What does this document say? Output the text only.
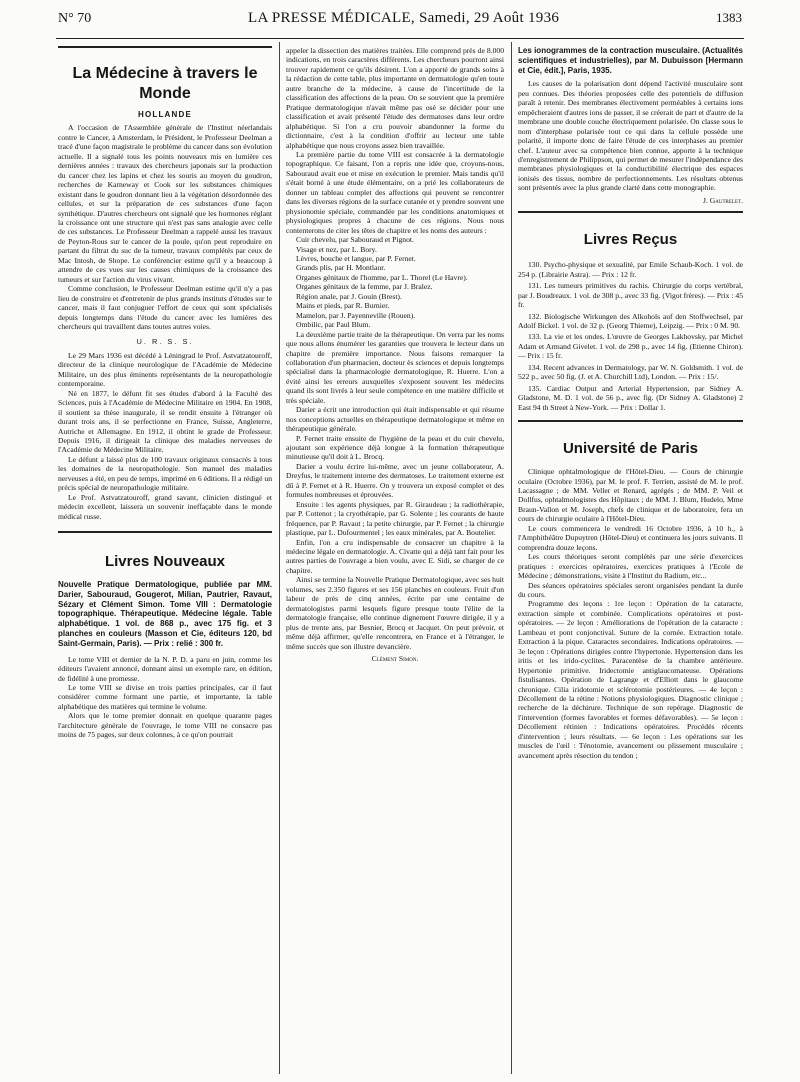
N° 70	LA PRESSE MÉDICALE, Samedi, 29 Août 1936	1383
La Médecine à travers le Monde
HOLLANDE

A l'occasion de l'Assemblée générale de l'Institut néerlandais contre le Cancer, à Amsterdam, le Président, le Professeur Deelman a tracé d'une façon magistrale le problème du cancer dans son évolution actuelle. Il a signalé tous les points nouveaux mis en lumière ces dernières années : travaux des chercheurs japonais sur la production du cancer chez les lapins et chez les souris au moyen du goudron, recherches de Karneway et Cook sur les substances chimiques existant dans le goudron donnant lieu à la végétation désordonnée des cellules, et sur la préparation de ces substances d'une façon synthétique. D'autres chercheurs ont signalé que les hormones réglant la croissance ont une structure qui n'est pas sans analogie avec celle de ces substances. Le Professeur Deelman a rappelé aussi les travaux de Peyton-Rous sur le cancer de la poule, qu'on peut reproduire en partant du filtrat du suc de la tumeur, travaux complétés par ceux de Mac Intosh, de Shope. Le conférencier estime qu'il y a beaucoup à attendre de ces vues sur les causes chimiques de la croissance des tumeurs et sur l'action du virus vivant.

Comme conclusion, le Professeur Deelman estime qu'il n'y a pas lieu de construire et d'entretenir de plus grands instituts d'études sur le cancer, mais il faut conjuguer l'effort de ceux qui sont spécialisés depuis longtemps dans l'étude du cancer avec les lumières des chercheurs qui travaillent dans toutes autres voies.

U. R. S. S.

Le 29 Mars 1936 est décédé à Léningrad le Prof. Astvatzatouroff, directeur de la clinique neurologique de l'Académie de Médecine Militaire, un des plus éminents représentants de la neuropathologie contemporaine.

Né en 1877, le défunt fit ses études d'abord à la Faculté des Sciences, puis à l'Académie de Médecine Militaire en 1904. En 1908, il soutient sa thèse inaugurale, il se rendit ensuite à l'étranger où durant trois ans, il se perfectionne en France, Suisse, Angleterre, Autriche et Allemagne. En 1912, il obtint le grade de Professeur. Depuis 1916, il dirigeait la clinique des maladies nerveuses de l'Académie de Médecine Militaire.

Le défunt a laissé plus de 100 travaux originaux consacrés à tous les domaines de la neuropathologie. Son manuel des maladies nerveuses a été, en peu de temps, imprimé en 6 éditions. Il a rédigé un précis spécial de neuropathologie militaire.

Le Prof. Astvatzatouroff, grand savant, clinicien distingué et médecin excellent, laissera un souvenir ineffaçable dans le monde médical russe.

Livres Nouveaux

Nouvelle Pratique Dermatologique, publiée par MM. Darier, Sabouraud, Gougerot, Milian, Pautrier, Ravaut, Sézary et Clément Simon. Tome VIII : Dermatologie topographique. Thérapeutique. Médecine légale. Table alphabétique. 1 vol. de 868 p., avec 175 fig. et 3 planches en couleurs (Masson et Cie, éditeurs 120, bd Saint-Germain, Paris). — Prix : relié : 300 fr.

Le tome VIII et dernier de la N. P. D. a paru en juin, comme les éditeurs l'avaient annoncé, donnant ainsi un exemple rare, en édition, de fidélité à une promesse.

Le tome VIII se divise en trois parties principales, car il faut considérer comme formant une partie, et importante, la table alphabétique des matières qui termine le volume.

Alors que le tome premier donnait en quelque quarante pages l'architecture générale de l'ouvrage, le tome VIII ne consacre pas moins de 75 pages, sur deux colonnes, à ce qu'on pourrait

appeler la dissection des matières traitées. Elle comprend près de 8.000 indications, en trois caractères différents. Les chercheurs pourront ainsi trouver rapidement ce qu'ils désirent. L'on a apporté de grands soins à la rédaction de cette table, plus importante en dermatologie qu'en toute autre branche de la médecine, à cause de l'incertitude de la classification des affections de la peau. On se souvient que la première Pratique dermatologique n'avait même pas osé se décider pour une classification et avait présenté l'étude des dermatoses dans leur ordre alphabétique. Si l'on a cru pouvoir abandonner la forme du dictionnaire, c'est à la condition d'offrir au lecteur une table alphabétique que nous croyons assez bien travaillée.

La première partie du tome VIII est consacrée à la dermatologie topographique. Ce faisant, l'on a repris une idée que, croyons-nous, Sabouraud avait eue et mise en exécution le premier. Mais tandis qu'il s'était borné à une étude élémentaire, on a prié les collaborateurs de donner un tableau complet des affections qui peuvent se rencontrer dans les diverses régions de la surface cutanée et y prendre souvent une physionomie spéciale, commandée par les conditions anatomiques et physiologiques propres à chacune de ces régions. Nous nous contenterons de citer les têtes de chapitre et les noms des auteurs :

Cuir chevelu, par Sabouraud et Pignot.
Visage et nez, par L. Bory.
Lèvres, bouche et langue, par P. Fernet.
Grands plis, par H. Montlaur.
Organes génitaux de l'homme, par L. Thorel (Le Havre).
Organes génitaux de la femme, par J. Bralez.
Région anale, par J. Gouin (Brest).
Mains et pieds, par R. Burnier.
Mamelon, par J. Payenneville (Rouen).
Ombilic, par Paul Blum.

La deuxième partie traite de la thérapeutique. On verra par les noms que nous allons énumérer les garanties que trouvera le lecteur dans un chapitre de première importance. Nous faisons remarquer la collaboration d'un pharmacien, docteur ès sciences et depuis longtemps spécialisé dans la pharmacologie dermatologique, R. Huerre. L'on a évité ainsi les erreurs auxquelles s'exposent souvent les médecins quand ils sont livrés à leur seule compétence en une matière difficile et très spéciale.

Darier a écrit une introduction qui était indispensable et qui résume nos conceptions actuelles en thérapeutique dermatologique et même en thérapeutique générale.

P. Fernet traite ensuite de l'hygiène de la peau et du cuir chevelu, ajoutant son expérience déjà longue à la formation thérapeutique minutieuse qu'il doit à L. Brocq.

Darier a voulu écrire lui-même, avec un jeune collaborateur, A. Dreyfus, le traitement interne des dermatoses. Le traitement externe est dû à P. Fernet et à R. Huerre. On y trouvera un exposé complet et des formules nombreuses et éprouvées.

Ensuite : les agents physiques, par R. Giraudeau ; la radiothérapie, par P. Cottenot ; la cryothérapie, par G. Solente ; les courants de haute fréquence, par P. Ravaut ; la petite chirurgie, par P. Fernet ; la chirurgie plastique, par L. Dufourmentel ; les eaux minérales, par A. Boutelier.

Enfin, l'on a cru indispensable de consacrer un chapitre à la médecine légale en dermatologie. A. Civatte qui a déjà tant fait pour les autres parties de l'ouvrage a bien voulu, avec E. Sidi, se charger de ce chapitre.

Ainsi se termine la Nouvelle Pratique Dermatologique, avec ses huit volumes, ses 2.350 figures et ses 156 planches en couleurs. Fruit d'un labeur de près de cinq années, écrite par une centaine de dermatologistes parmi lesquels figure presque toute l'élite de la dermatologie française, elle continue dignement l'œuvre dirigée, il y a plus de trente ans, par Besnier, Brocq et Jacquet. On peut prévoir, et même déjà affirmer, qu'elle rencontrera, en France et à l'étranger, le même succès que son illustre devancière.

Clément Simon.

Les ionogrammes de la contraction musculaire. (Actualités scientifiques et industrielles), par M. Dubuisson [Hermann et Cie, édit.], Paris, 1935.

Les causes de la polarisation dont dépend l'activité musculaire sont peu connues. Des théories proposées celle des potentiels de diffusion paraît à retenir. Des membranes électivement perméables à certains ions empêcheraient d'autres ions de passer, il se créerait de part et d'autre de la membrane une double couche électriquement polarisée. On classe sous le nom d'interphase polarisée tout ce qui dans la cellule possède une polarité, il importe donc de faire l'étude de ces interphases au premier chef. L'auteur avec sa compétence bien connue, apporte à la technique d'enregistrement de Philippson, qui permet de mesurer l'indépendance des membranes physiologiques et la conductibilité électrique des espaces ionisés des tissus, nombre de perfectionnements. Les résultats obtenus sont présentés avec la plus grande clarté dans cette monographie.

J. Gautrelet.
Livres Reçus

130. Psycho-physique et sexualité, par Emile Schaub-Koch. 1 vol. de 254 p. (Librairie Astra). — Prix : 12 fr.

131. Les tumeurs primitives du rachis. Chirurgie du corps vertébral, par J. Boudreaux. 1 vol. de 308 p., avec 33 fig. (Vigot frères). — Prix : 45 fr.

132. Biologische Wirkungen des Alkohols auf den Stoffwechsel, par Adolf Bickel. 1 vol. de 32 p. (Georg Thieme), Leipzig. — Prix : 0 M. 90.

133. La vie et les ondes. L'œuvre de Georges Lakhovsky, par Michel Adam et Armand Givelet. 1 vol. de 298 p., avec 14 fig. (Etienne Chiron). — Prix : 15 fr.

134. Recent advances in Dermatology, par W. N. Goldsmith. 1 vol. de 522 p., avec 50 fig. (J. et A. Churchill Ltd), London. — Prix : 15/.

135. Cardiac Output and Arterial Hypertension, par Sidney A. Gladstone, M. D. 1 vol. de 56 p., avec fig. (Dr Sidney A. Gladstone) 2 East 94 th Street à New-York. — Prix : Dollar 1.

Université de Paris

Clinique ophtalmologique de l'Hôtel-Dieu. — Cours de chirurgie oculaire (Octobre 1936), par M. le prof. F. Terrien, assisté de M. le prof. Lacassagne ; de MM. Veller et Renard, agrégés ; de MM. P. Veil et Dollfus, ophtalmologistes des Hôpitaux ; de MM. J. Blum, Hudelo, Mme Braun-Vallon et M. Joseph, chefs de clinique et de laboratoire, fera un cours de chirurgie oculaire à l'Hôtel-Dieu.

Le cours commencera le vendredi 16 Octobre 1936, à 10 h., à l'Amphithéâtre Dupuytren (Hôtel-Dieu) et continuera les jours suivants. Il comprendra douze leçons.

Les cours théoriques seront complétés par une série d'exercices pratiques : exercices opératoires, exercices pratiques à l'Ecole de Médecine ; démonstrations, visite à l'Institut du Radium, etc...

Des séances opératoires spéciales seront organisées pendant la durée du cours.

Programme des leçons : 1re leçon : Opération de la cataracte, extraction simple et combinée. Complications opératoires et post-opératoires. — 2e leçon : Améliorations de l'opération de la cataracte : Lambeau et pont conjonctival. Suture de la cornée. Extraction totale. Extraction à la pique. Cataractes secondaires. Indications opératoires. — 3e leçon : Opérations dirigées contre l'hypertonie. Hypertension dans les iritis et les irido-cyclites. Paracentèse de la chambre antérieure. Hypertonie primitive. Iridectomie antiglaucomateuse. Opérations fistulisantes. Opération de Lagrange et d'Elliott dans le glaucome chronique. Cilia iridotomie et sclérotomie postérieures. — 4e leçon : Décollement de la rétine : Notions physiologiques. Diagnostic clinique ; recherche de la déchirure. Technique de son repérage. Diagnostic de l'intervention (formes favorables et formes défavorables). — 5e leçon : Décollement rétinien : Indications opératoires. Procédés récents d'intervention ; leurs résultats. — 6e leçon : Les opérations sur les muscles de l'œil : Ténotomie, avancement ou plissement musculaire ; avancement après résection du tendon ;
